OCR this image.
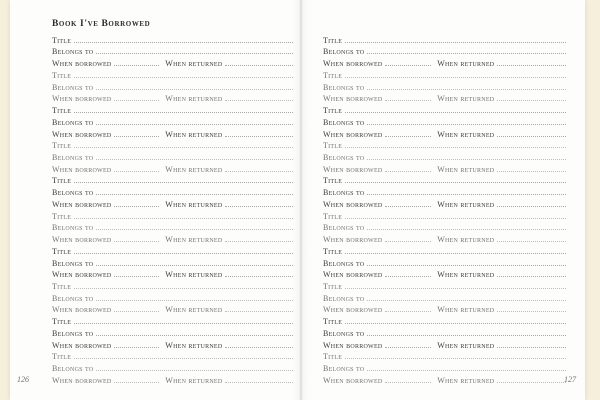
Book I've Borrowed
Title
Belongs to
When borrowed	When returned
Title
Belongs to
When borrowed	When returned
Title
Belongs to
When borrowed	When returned
Title
Belongs to
When borrowed	When returned
Title
Belongs to
When borrowed	When returned
Title
Belongs to
When borrowed	When returned
Title
Belongs to
When borrowed	When returned
Title
Belongs to
When borrowed	When returned
Title
Belongs to
When borrowed	When returned
Title
Belongs to
When borrowed	When returned
Title
Belongs to
When borrowed	When returned
Title
Belongs to
When borrowed	When returned
Title
Belongs to
When borrowed	When returned
Title
Belongs to
When borrowed	When returned
Title
Belongs to
When borrowed	When returned
Title
Belongs to
When borrowed	When returned
Title
Belongs to
When borrowed	When returned
Title
Belongs to
When borrowed	When returned
Title
Belongs to
When borrowed	When returned
Title
Belongs to
When borrowed	When returned
126	127
